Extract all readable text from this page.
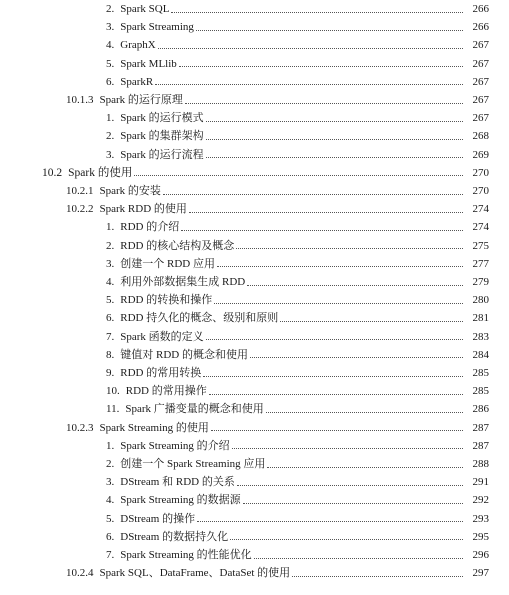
2. Spark SQL	266
3. Spark Streaming	266
4. GraphX	267
5. Spark MLlib	267
6. SparkR	267
10.1.3 Spark 的运行原理	267
1. Spark 的运行模式	267
2. Spark 的集群架构	268
3. Spark 的运行流程	269
10.2 Spark 的使用	270
10.2.1 Spark 的安装	270
10.2.2 Spark RDD 的使用	274
1. RDD 的介绍	274
2. RDD 的核心结构及概念	275
3. 创建一个 RDD 应用	277
4. 利用外部数据集生成 RDD	279
5. RDD 的转换和操作	280
6. RDD 持久化的概念、级别和原则	281
7. Spark 函数的定义	283
8. 键值对 RDD 的概念和使用	284
9. RDD 的常用转换	285
10. RDD 的常用操作	285
11. Spark 广播变量的概念和使用	286
10.2.3 Spark Streaming 的使用	287
1. Spark Streaming 的介绍	287
2. 创建一个 Spark Streaming 应用	288
3. DStream 和 RDD 的关系	291
4. Spark Streaming 的数据源	292
5. DStream 的操作	293
6. DStream 的数据持久化	295
7. Spark Streaming 的性能优化	296
10.2.4 Spark SQL、DataFrame、DataSet 的使用	297
